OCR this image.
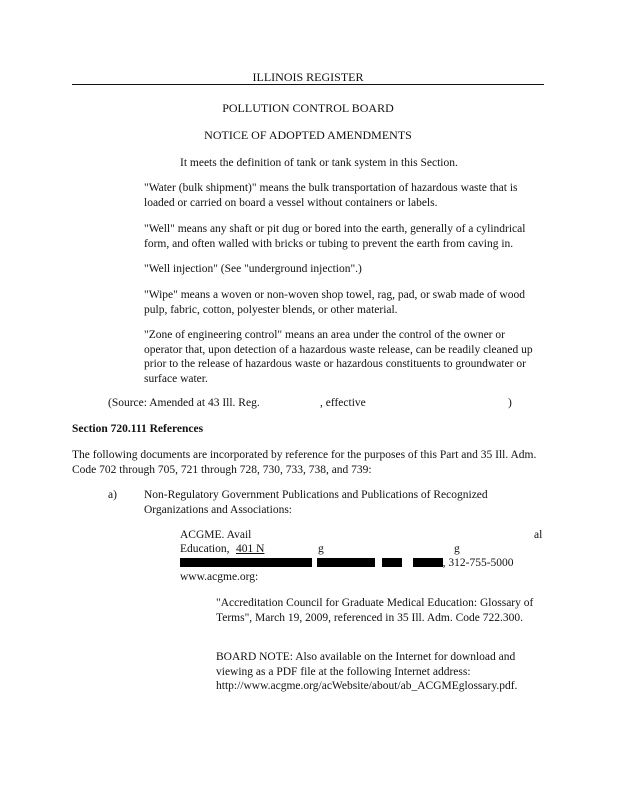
ILLINOIS REGISTER
POLLUTION CONTROL BOARD
NOTICE OF ADOPTED AMENDMENTS
It meets the definition of tank or tank system in this Section.
"Water (bulk shipment)" means the bulk transportation of hazardous waste that is loaded or carried on board a vessel without containers or labels.
"Well" means any shaft or pit dug or bored into the earth, generally of a cylindrical form, and often walled with bricks or tubing to prevent the earth from caving in.
"Well injection" (See "underground injection".)
"Wipe" means a woven or non-woven shop towel, rag, pad, or swab made of wood pulp, fabric, cotton, polyester blends, or other material.
"Zone of engineering control" means an area under the control of the owner or operator that, upon detection of a hazardous waste release, can be readily cleaned up prior to the release of hazardous waste or hazardous constituents to groundwater or surface water.
(Source: Amended at 43 Ill. Reg.	, effective	)
Section 720.111 References
The following documents are incorporated by reference for the purposes of this Part and 35 Ill. Adm. Code 702 through 705, 721 through 728, 730, 733, 738, and 739:
a) Non-Regulatory Government Publications and Publications of Recognized Organizations and Associations:
ACGME. Avail	al
Education, 401 N	g	g
, 312-755-5000
www.acgme.org:
"Accreditation Council for Graduate Medical Education: Glossary of Terms", March 19, 2009, referenced in 35 Ill. Adm. Code 722.300.
BOARD NOTE: Also available on the Internet for download and viewing as a PDF file at the following Internet address: http://www.acgme.org/acWebsite/about/ab_ACGMEglossary.pdf.
